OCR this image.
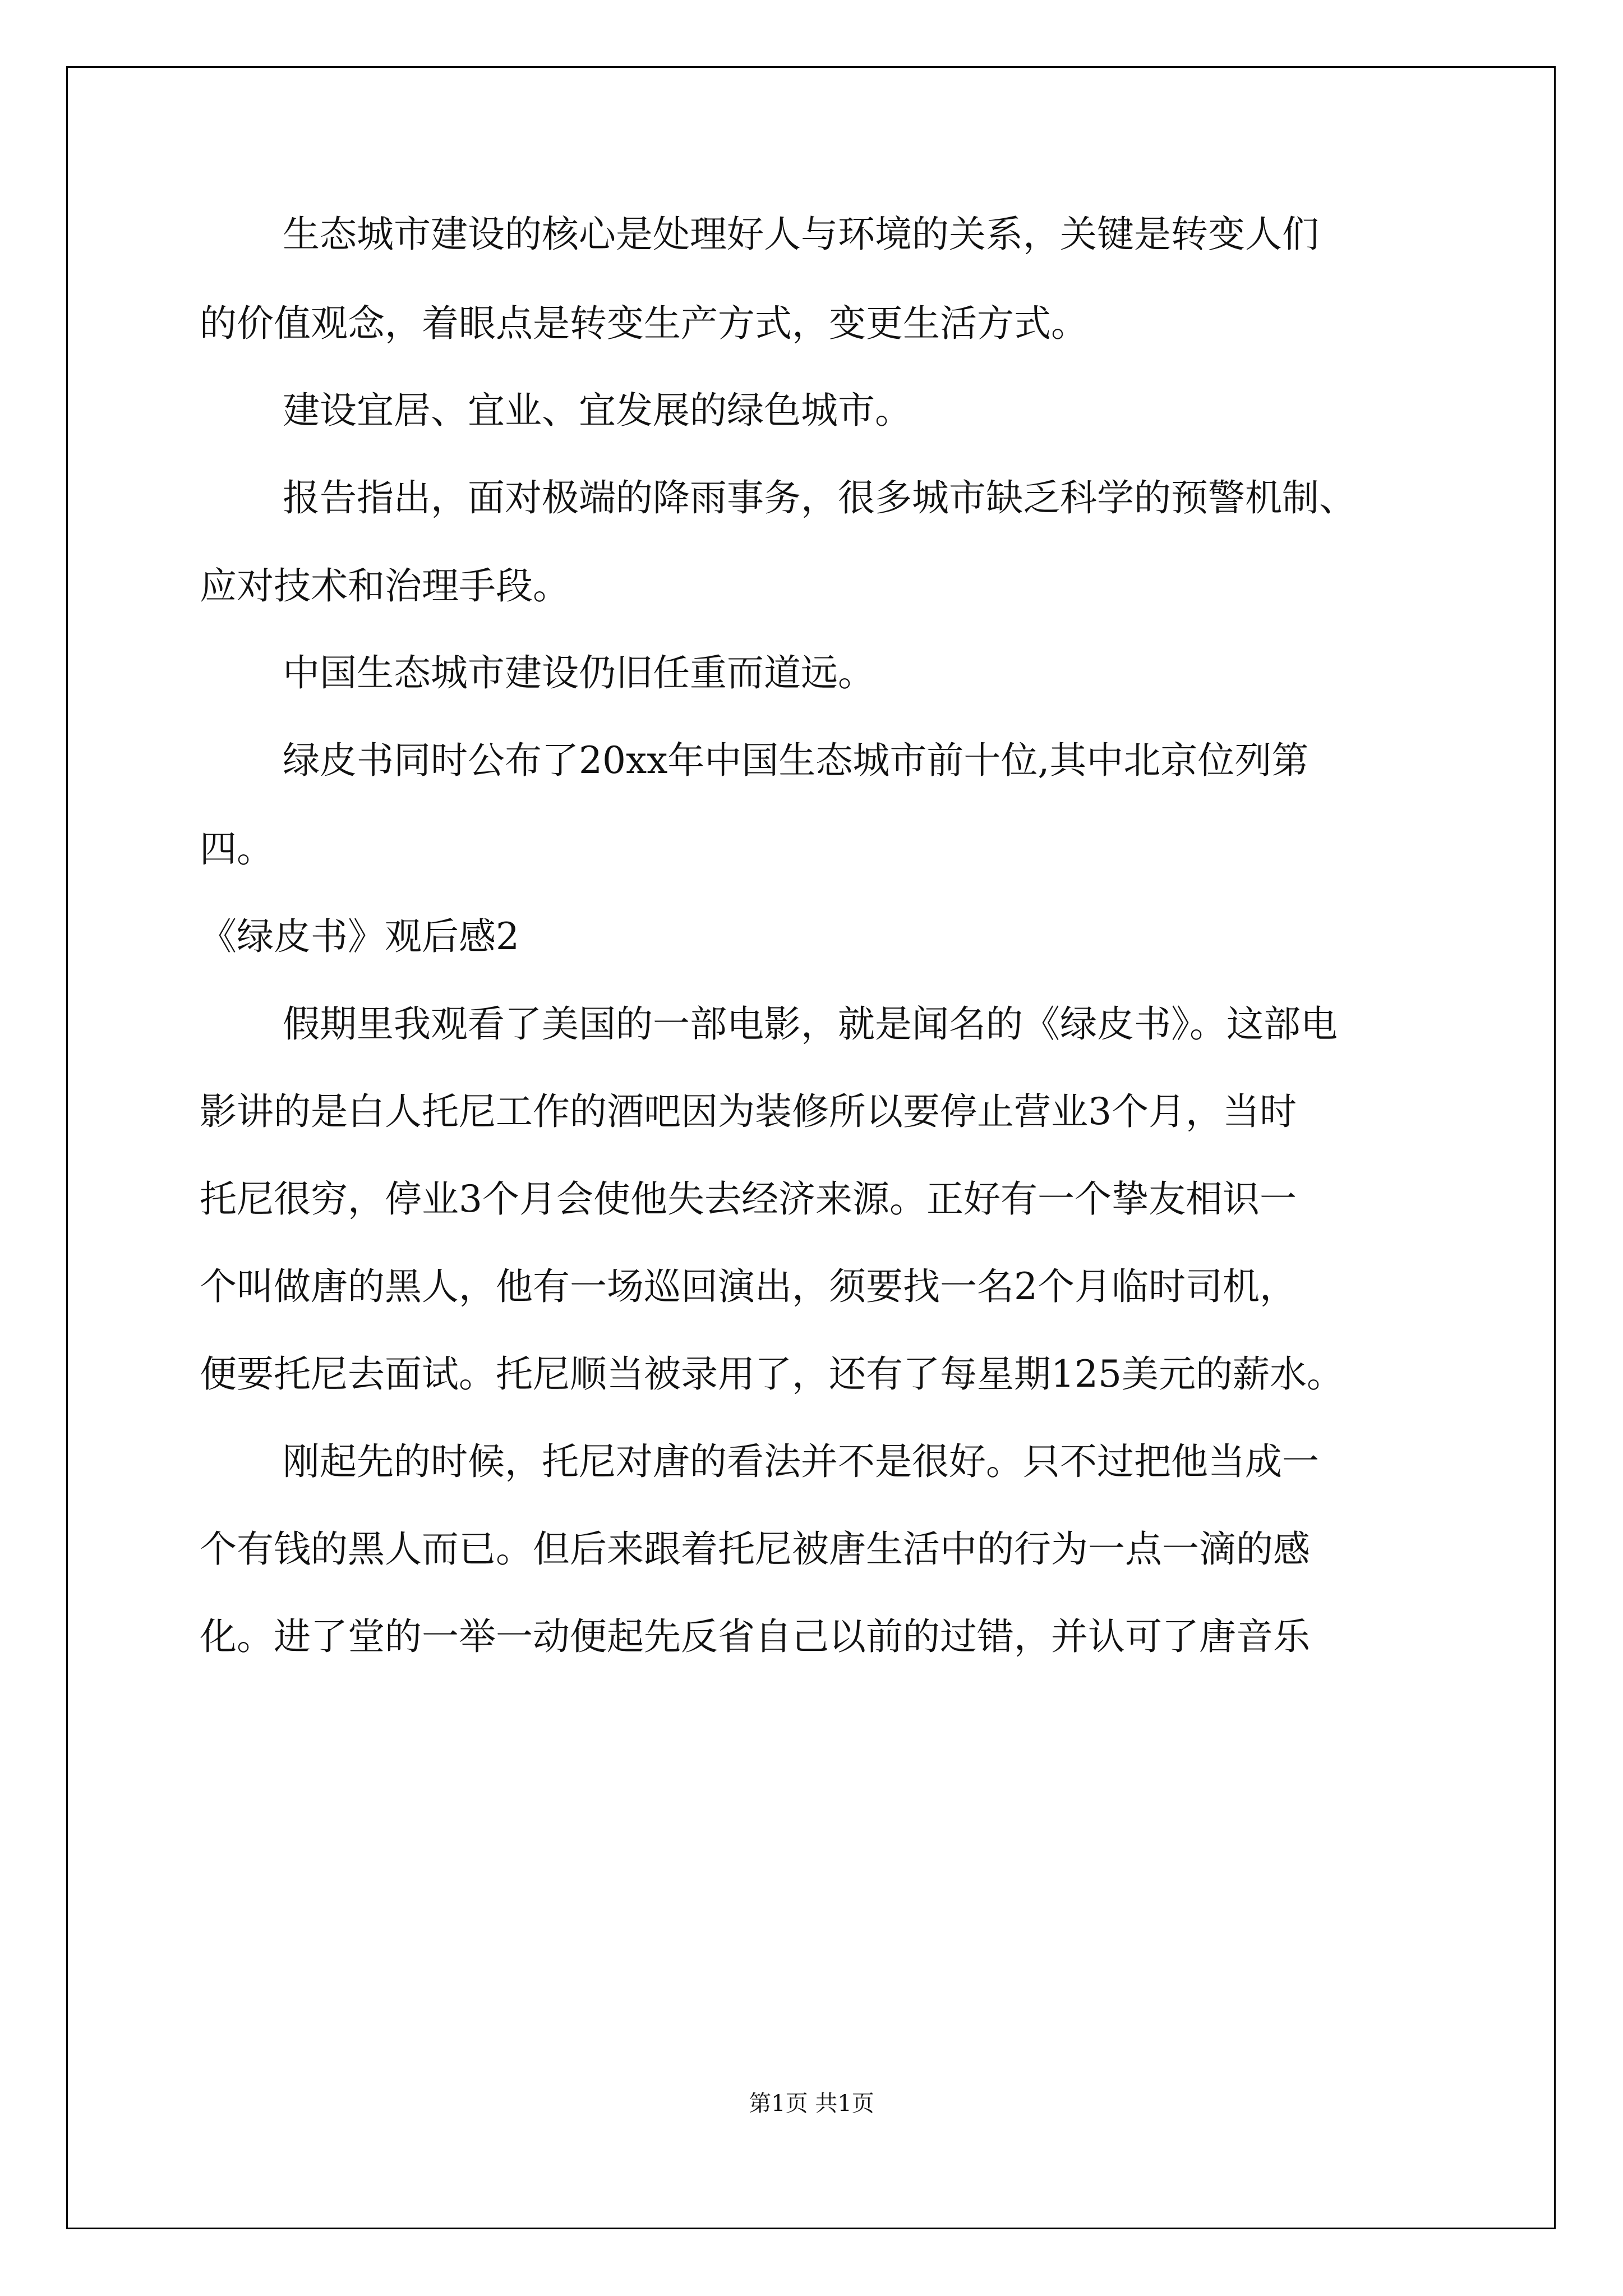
生态城市建设的核心是处理好人与环境的关系，关键是转变人们
的价值观念，着眼点是转变生产方式，变更生活方式。
建设宜居、宜业、宜发展的绿色城市。
报告指出，面对极端的降雨事务，很多城市缺乏科学的预警机制、
应对技术和治理手段。
中国生态城市建设仍旧任重而道远。
绿皮书同时公布了20xx年中国生态城市前十位,其中北京位列第
四。
《绿皮书》观后感2
假期里我观看了美国的一部电影，就是闻名的《绿皮书》。这部电
影讲的是白人托尼工作的酒吧因为装修所以要停止营业3个月，当时
托尼很穷，停业3个月会使他失去经济来源。正好有一个挚友相识一
个叫做唐的黑人，他有一场巡回演出，须要找一名2个月临时司机，
便要托尼去面试。托尼顺当被录用了，还有了每星期125美元的薪水。
刚起先的时候，托尼对唐的看法并不是很好。只不过把他当成一
个有钱的黑人而已。但后来跟着托尼被唐生活中的行为一点一滴的感
化。进了堂的一举一动便起先反省自己以前的过错，并认可了唐音乐
第1页 共1页
